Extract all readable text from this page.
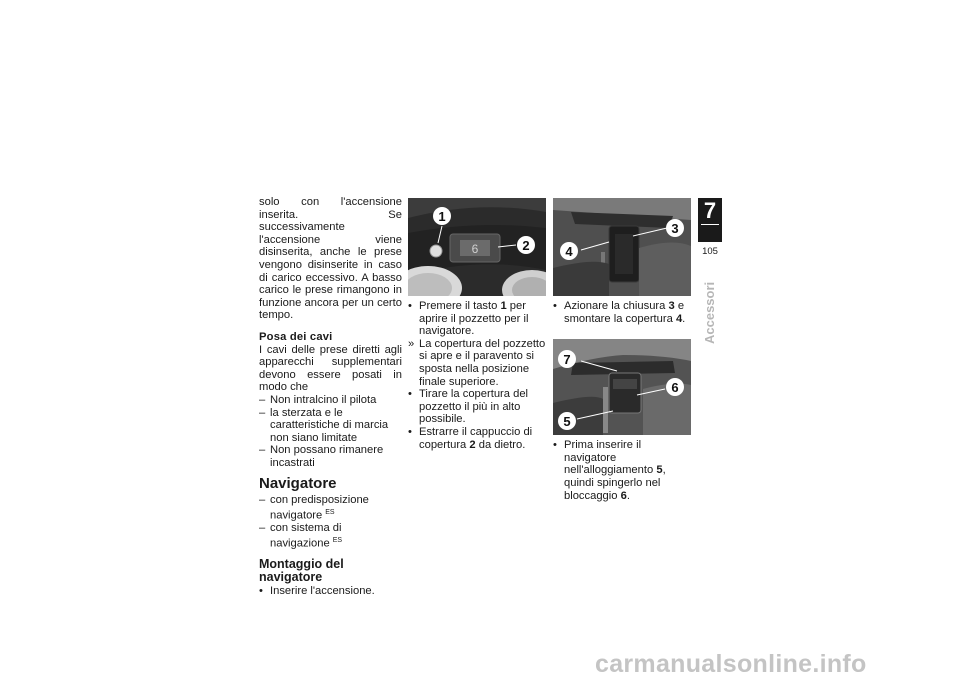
solo con l'accensione inserita. Se successivamente l'accensione viene disinserita, anche le prese vengono disinserite in caso di carico eccessivo. A basso carico le prese rimangono in funzione ancora per un certo tempo.

Posa dei cavi

I cavi delle prese diretti agli apparecchi supplementari devono essere posati in modo che

– Non intralcino il pilota
– la sterzata e le caratteristiche di marcia non siano limitate
– Non possano rimanere incastrati
Navigatore
– con predisposizione navigatore $^{ES}$
– con sistema di navigazione $^{ES}$
Montaggio del navigatore
• Inserire l'accensione.
6
1
2
• Premere il tasto 1 per aprire il pozzetto per il navigatore.
» La copertura del pozzetto si apre e il paravento si sposta nella posizione finale superiore.
• Tirare la copertura del pozzetto il più in alto possibile.
• Estrarre il cappuccio di copertura 2 da dietro.
3
4
• Azionare la chiusura 3 e smontare la copertura 4.
7
6
5
• Prima inserire il navigatore nell'alloggiamento 5, quindi spingerlo nel bloccaggio 6.
7
105
Accessori
carmanualsonline.info
